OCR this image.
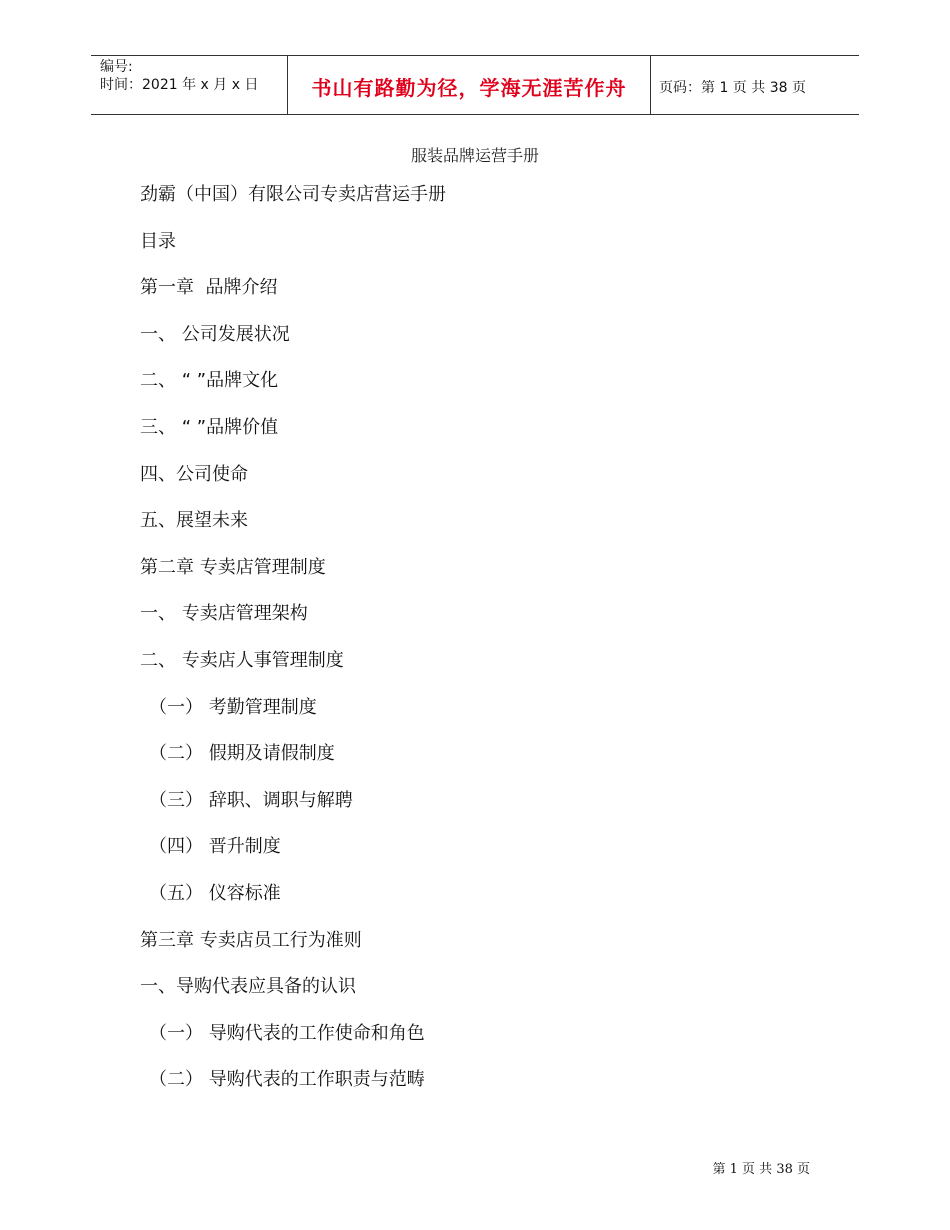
编号:
时间：2021 年 x 月 x 日	书山有路勤为径，学海无涯苦作舟	页码：第 1 页 共 38 页
服装品牌运营手册
劲霸（中国）有限公司专卖店营运手册
目录
第一章  品牌介绍
一、 公司发展状况
二、 “ ”品牌文化
三、 “ ”品牌价值
四、公司使命
五、展望未来
第二章 专卖店管理制度
一、 专卖店管理架构
二、 专卖店人事管理制度
（一） 考勤管理制度
（二） 假期及请假制度
（三） 辞职、调职与解聘
（四） 晋升制度
（五） 仪容标准
第三章 专卖店员工行为准则
一、导购代表应具备的认识
（一） 导购代表的工作使命和角色
（二） 导购代表的工作职责与范畴
第 1 页 共 38 页
